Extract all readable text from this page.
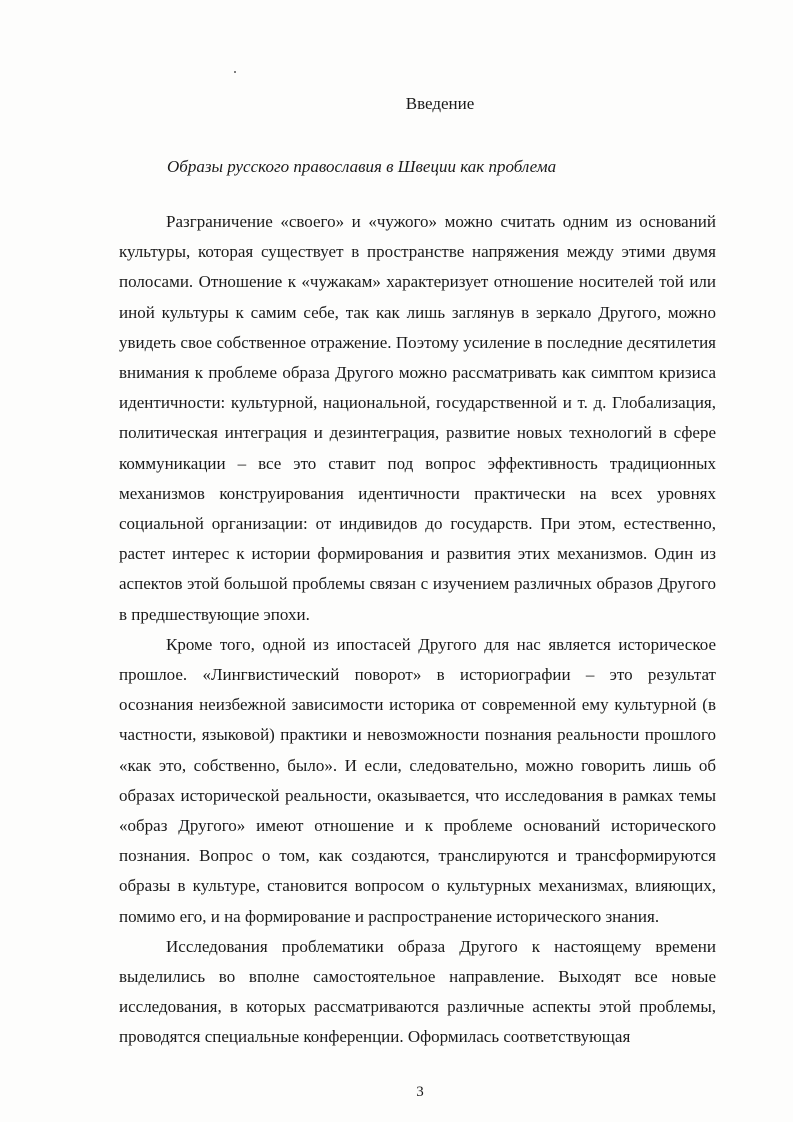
Введение
Образы русского православия в Швеции как проблема

Разграничение «своего» и «чужого» можно считать одним из оснований культуры, которая существует в пространстве напряжения между этими двумя полосами. Отношение к «чужакам» характеризует отношение носителей той или иной культуры к самим себе, так как лишь заглянув в зеркало Другого, можно увидеть свое собственное отражение. Поэтому усиление в последние десятилетия внимания к проблеме образа Другого можно рассматривать как симптом кризиса идентичности: культурной, национальной, государственной и т. д. Глобализация, политическая интеграция и дезинтеграция, развитие новых технологий в сфере коммуникации – все это ставит под вопрос эффективность традиционных механизмов конструирования идентичности практически на всех уровнях социальной организации: от индивидов до государств. При этом, естественно, растет интерес к истории формирования и развития этих механизмов. Один из аспектов этой большой проблемы связан с изучением различных образов Другого в предшествующие эпохи.

Кроме того, одной из ипостасей Другого для нас является историческое прошлое. «Лингвистический поворот» в историографии – это результат осознания неизбежной зависимости историка от современной ему культурной (в частности, языковой) практики и невозможности познания реальности прошлого «как это, собственно, было». И если, следовательно, можно говорить лишь об образах исторической реальности, оказывается, что исследования в рамках темы «образ Другого» имеют отношение и к проблеме оснований исторического познания. Вопрос о том, как создаются, транслируются и трансформируются образы в культуре, становится вопросом о культурных механизмах, влияющих, помимо его, и на формирование и распространение исторического знания.

Исследования проблематики образа Другого к настоящему времени выделились во вполне самостоятельное направление. Выходят все новые исследования, в которых рассматриваются различные аспекты этой проблемы, проводятся специальные конференции. Оформилась соответствующая

3
